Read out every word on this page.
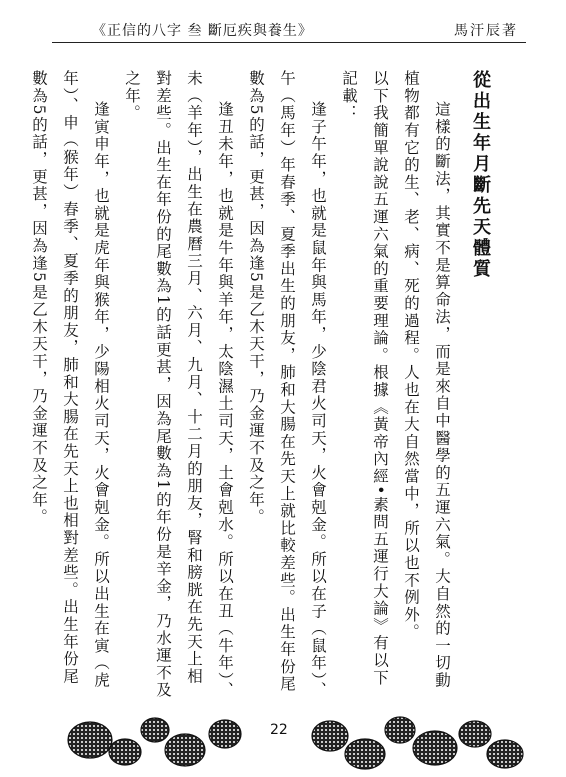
《正信的八字 叁 斷厄疾與養生》	馬汗辰著
從出生年月斷先天體質

這樣的斷法，其實不是算命法，而是來自中醫學的五運六氣。大自然的一切動植物都有它的生、老、病、死的過程。人也在大自然當中，所以也不例外。

以下我簡單說說五運六氣的重要理論。根據《黃帝內經•素問五運行大論》有以下記載：

逢子午年，也就是鼠年與馬年，少陰君火司天，火會剋金。所以在子（鼠年）、午（馬年）年春季、夏季出生的朋友，肺和大腸在先天上就比較差些。出生年份尾數為5的話，更甚，因為逢5是乙木天干，乃金運不及之年。

逢丑未年，也就是牛年與羊年，太陰濕土司天，土會剋水。所以在丑（牛年）、未（羊年），出生在農曆三月、六月、九月、十二月的朋友，腎和膀胱在先天上相對差些。出生在年份的尾數為1的話更甚，因為尾數為1的年份是辛金，乃水運不及之年。

逢寅申年，也就是虎年與猴年，少陽相火司天，火會剋金。所以出生在寅（虎年）、申（猴年）春季、夏季的朋友，肺和大腸在先天上也相對差些。出生年份尾數為5的話，更甚，因為逢5是乙木天干，乃金運不及之年。

22
